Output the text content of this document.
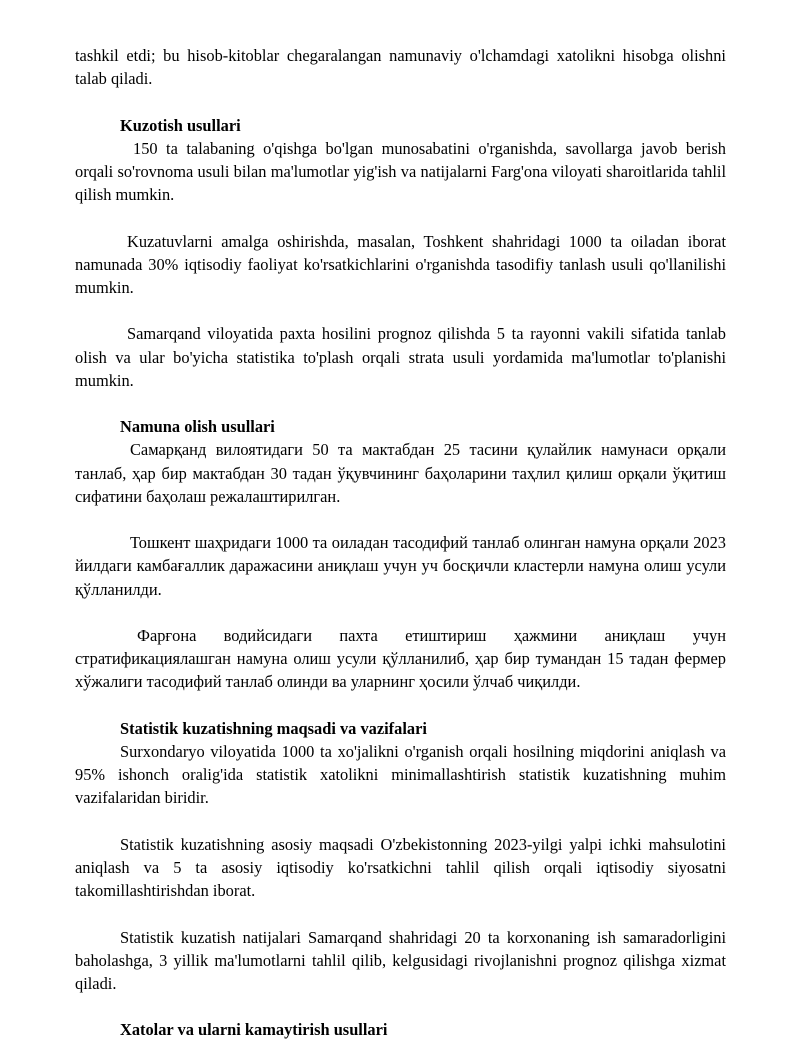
tashkil etdi; bu hisob-kitoblar chegaralangan namunaviy o'lchamdagi xatolikni hisobga olishni talab qiladi.

Kuzotish usullari

150 ta talabaning o'qishga bo'lgan munosabatini o'rganishda, savollarga javob berish orqali so'rovnoma usuli bilan ma'lumotlar yig'ish va natijalarni Farg'ona viloyati sharoitlarida tahlil qilish mumkin.

Kuzatuvlarni amalga oshirishda, masalan, Toshkent shahridagi 1000 ta oiladan iborat namunada 30% iqtisodiy faoliyat ko'rsatkichlarini o'rganishda tasodifiy tanlash usuli qo'llanilishi mumkin.

Samarqand viloyatida paxta hosilini prognoz qilishda 5 ta rayonni vakili sifatida tanlab olish va ular bo'yicha statistika to'plash orqali strata usuli yordamida ma'lumotlar to'planishi mumkin.

Namuna olish usullari

Самарқанд вилоятидаги 50 та мактабдан 25 тасини қулайлик намунаси орқали танлаб, ҳар бир мактабдан 30 тадан ўқувчининг баҳоларини таҳлил қилиш орқали ўқитиш сифатини баҳолаш режалаштирилган.

Тошкент шаҳридаги 1000 та оиладан тасодифий танлаб олинган намуна орқали 2023 йилдаги камбағаллик даражасини аниқлаш учун уч босқичли кластерли намуна олиш усули қўлланилди.

Фарғона водийсидаги пахта етиштириш ҳажмини аниқлаш учун стратификациялашган намуна олиш усули қўлланилиб, ҳар бир тумандан 15 тадан фермер хўжалиги тасодифий танлаб олинди ва уларнинг ҳосили ўлчаб чиқилди.

Statistik kuzatishning maqsadi va vazifalari

Surxondaryo viloyatida 1000 ta xo'jalikni o'rganish orqali hosilning miqdorini aniqlash va 95% ishonch oralig'ida statistik xatolikni minimallashtirish statistik kuzatishning muhim vazifalaridan biridir.

Statistik kuzatishning asosiy maqsadi O'zbekistonning 2023-yilgi yalpi ichki mahsulotini aniqlash va 5 ta asosiy iqtisodiy ko'rsatkichni tahlil qilish orqali iqtisodiy siyosatni takomillashtirishdan iborat.

Statistik kuzatish natijalari Samarqand shahridagi 20 ta korxonaning ish samaradorligini baholashga, 3 yillik ma'lumotlarni tahlil qilib, kelgusidagi rivojlanishni prognoz qilishga xizmat qiladi.

Xatolar va ularni kamaytirish usullari
